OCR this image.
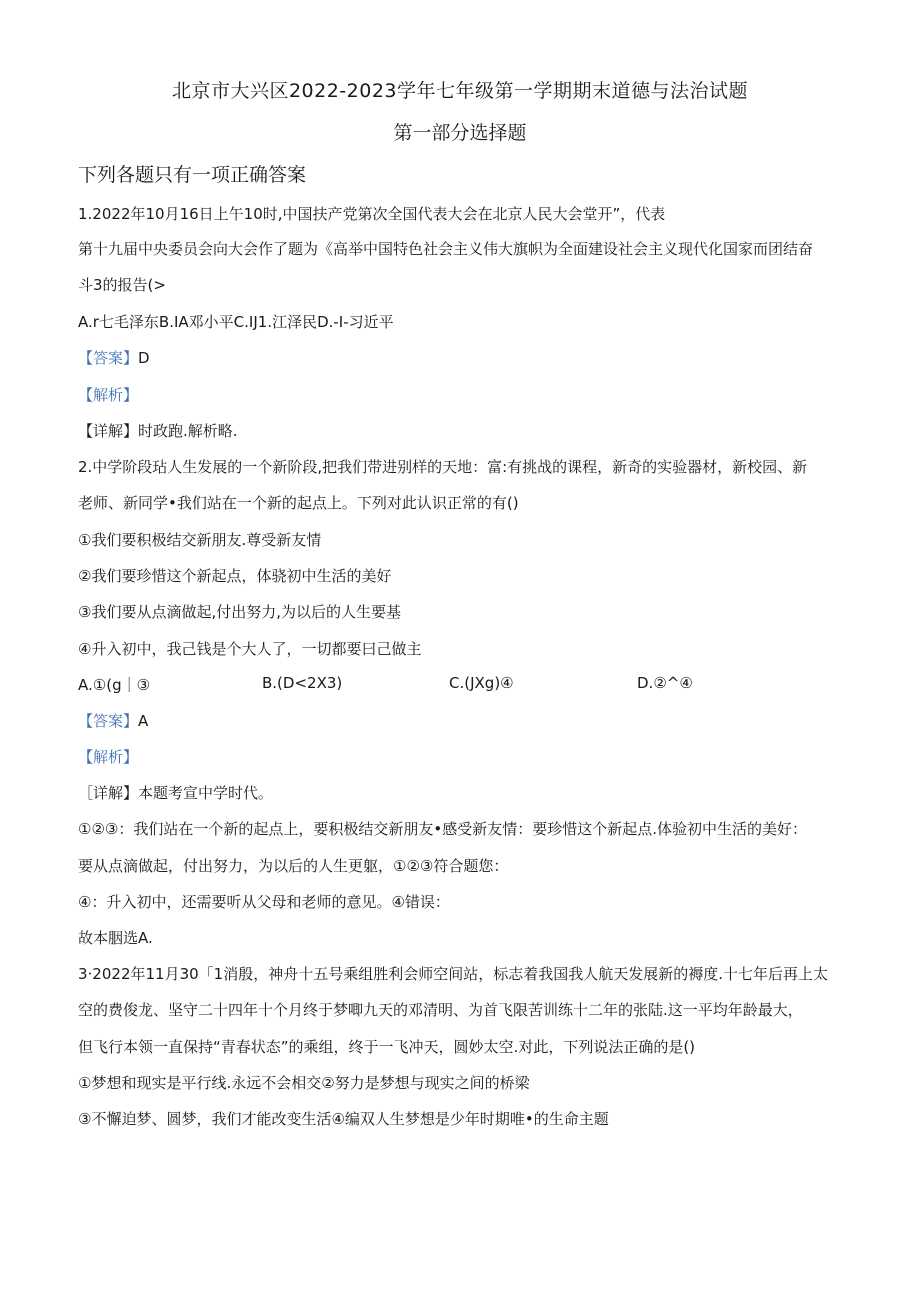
北京市大兴区2022-2023学年七年级第一学期期末道德与法治试题
第一部分选择题
下列各题只有一项正确答案
1.2022年10月16日上午10时,中国扶产党第次全国代表大会在北京人民大会堂开”，代表
第十九届中央委员会向大会作了题为《高举中国特色社会主义伟大旗帜为全面建设社会主义现代化国家而团结奋
斗3的报告(>
A.r七毛泽东B.IA邓小平C.IJ1.江泽民D.-I-习近平
【答案】D
【解析】
【详解】时政跑.解析略.
2.中学阶段玷人生发展的一个新阶段,把我们带进别样的天地：富:有挑战的课程，新奇的实验器材，新校园、新
老师、新同学•我们站在一个新的起点上。下列对此认识正常的有()
①我们要积极结交新朋友.尊受新友情
②我们要珍惜这个新起点，体骁初中生活的美好
③我们要从点滴做起,付出努力,为以后的人生要基
④升入初中，我己钱是个大人了，一切都要曰己做主
A.①(g｜③	B.(D<2X3)	C.(JXg)④	D.②^④
【答案】A
【解析】
［详解】本题考宣中学时代。
①②③：我们站在一个新的起点上，要积极结交新朋友•感受新友情：要珍惜这个新起点.体验初中生活的美好：
要从点滴做起，付出努力，为以后的人生更躯，①②③符合题您：
④：升入初中，还需要听从父母和老师的意见。④错误：
故本胭选A.
3·2022年11月30「1消殷，神舟十五号乘组胜利会师空间站，标志着我国我人航天发展新的褥度.十七年后再上太
空的费俊龙、坚守二十四年十个月终于梦唧九天的邓清明、为首飞限苦训练十二年的张陆.这一平均年龄最大，
但飞行本领一直保持“青春状态”的乘组，终于一飞冲天，圆妙太空.对此，下列说法正确的是()
①梦想和现实是平行线.永远不会相交②努力是梦想与现实之间的桥梁
③不懈迫梦、圆梦，我们才能改变生活④编双人生梦想是少年时期唯•的生命主题
